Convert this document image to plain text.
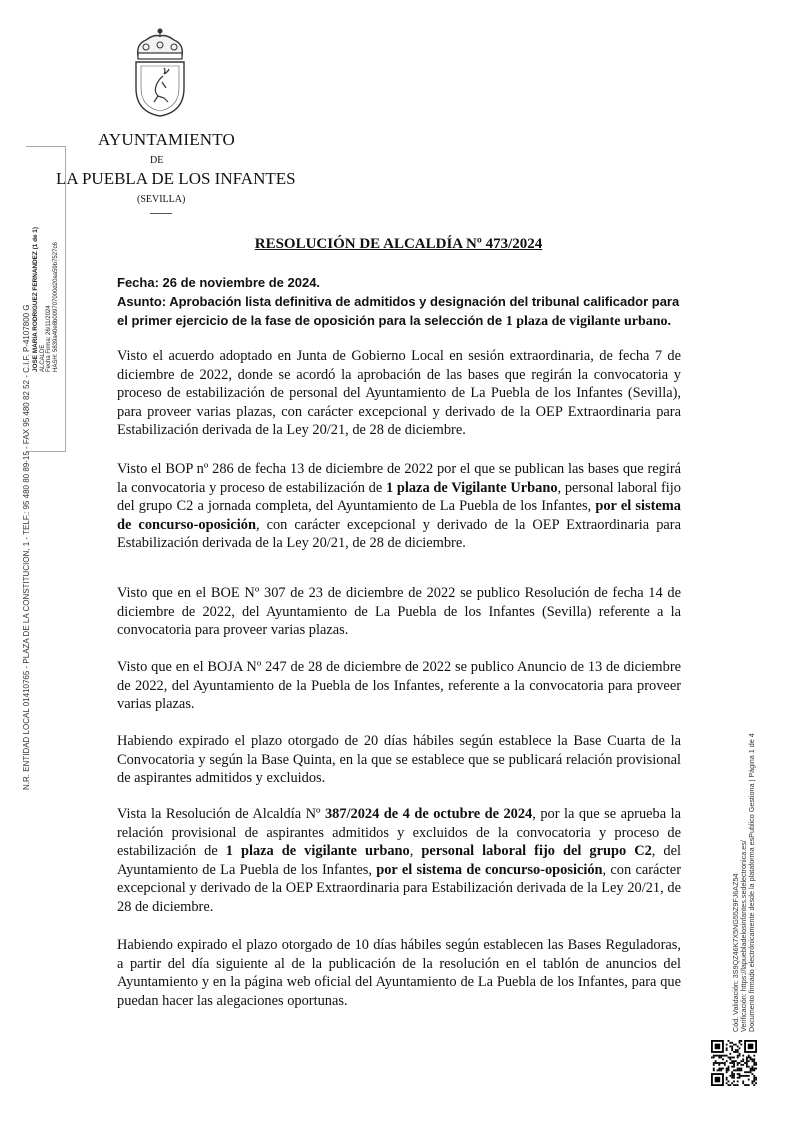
AYUNTAMIENTO
DE
LA PUEBLA DE LOS INFANTES
(SEVILLA)
JOSE MARIA RODRIGUEZ FERNANDEZ (1 de 1) ALCALDE Fecha Firma: 26/11/2024 HASH: 5839a40e8b009707000d20aa59b7527c6
N.R. ENTIDAD LOCAL 01410765 - PLAZA DE LA CONSTITUCION, 1 - TELF.: 95 480 80 89-15 - FAX 95 480 82 52 - C.I.F. P-4107800 G
Cód. Validación: 3S9QZ46K7X5NG55Z9FJ6AZ54 Verificación: https://lapuebladelosinfantes.sedelectronica.es/ Documento firmado electrónicamente desde la plataforma esPublico Gestiona | Página 1 de 4
RESOLUCIÓN DE ALCALDÍA Nº 473/2024
Fecha: 26 de noviembre de 2024.
Asunto: Aprobación lista definitiva de admitidos y designación del tribunal calificador para el primer ejercicio de la fase de oposición para la selección de 1 plaza de vigilante urbano.
Visto el acuerdo adoptado en Junta de Gobierno Local en sesión extraordinaria, de fecha 7 de diciembre de 2022, donde se acordó la aprobación de las bases que regirán la convocatoria y proceso de estabilización de personal del Ayuntamiento de La Puebla de los Infantes (Sevilla), para proveer varias plazas, con carácter excepcional y derivado de la OEP Extraordinaria para Estabilización derivada de la Ley 20/21, de 28 de diciembre.
Visto el BOP nº 286 de fecha 13 de diciembre de 2022 por el que se publican las bases que regirá la convocatoria y proceso de estabilización de 1 plaza de Vigilante Urbano, personal laboral fijo del grupo C2 a jornada completa, del Ayuntamiento de La Puebla de los Infantes, por el sistema de concurso-oposición, con carácter excepcional y derivado de la OEP Extraordinaria para Estabilización derivada de la Ley 20/21, de 28 de diciembre.
Visto que en el BOE Nº 307 de 23 de diciembre de 2022 se publico Resolución de fecha 14 de diciembre de 2022, del Ayuntamiento de La Puebla de los Infantes (Sevilla) referente a la convocatoria para proveer varias plazas.
Visto que en el BOJA Nº 247 de 28 de diciembre de 2022 se publico Anuncio de 13 de diciembre de 2022, del Ayuntamiento de la Puebla de los Infantes, referente a la convocatoria para proveer varias plazas.
Habiendo expirado el plazo otorgado de 20 días hábiles según establece la Base Cuarta de la Convocatoria y según la Base Quinta, en la que se establece que se publicará relación provisional de aspirantes admitidos y excluidos.
Vista la Resolución de Alcaldía Nº 387/2024 de 4 de octubre de 2024, por la que se aprueba la relación provisional de aspirantes admitidos y excluidos de la convocatoria y proceso de estabilización de 1 plaza de vigilante urbano, personal laboral fijo del grupo C2, del Ayuntamiento de La Puebla de los Infantes, por el sistema de concurso-oposición, con carácter excepcional y derivado de la OEP Extraordinaria para Estabilización derivada de la Ley 20/21, de 28 de diciembre.
Habiendo expirado el plazo otorgado de 10 días hábiles según establecen las Bases Reguladoras, a partir del día siguiente al de la publicación de la resolución en el tablón de anuncios del Ayuntamiento y en la página web oficial del Ayuntamiento de La Puebla de los Infantes, para que puedan hacer las alegaciones oportunas.
